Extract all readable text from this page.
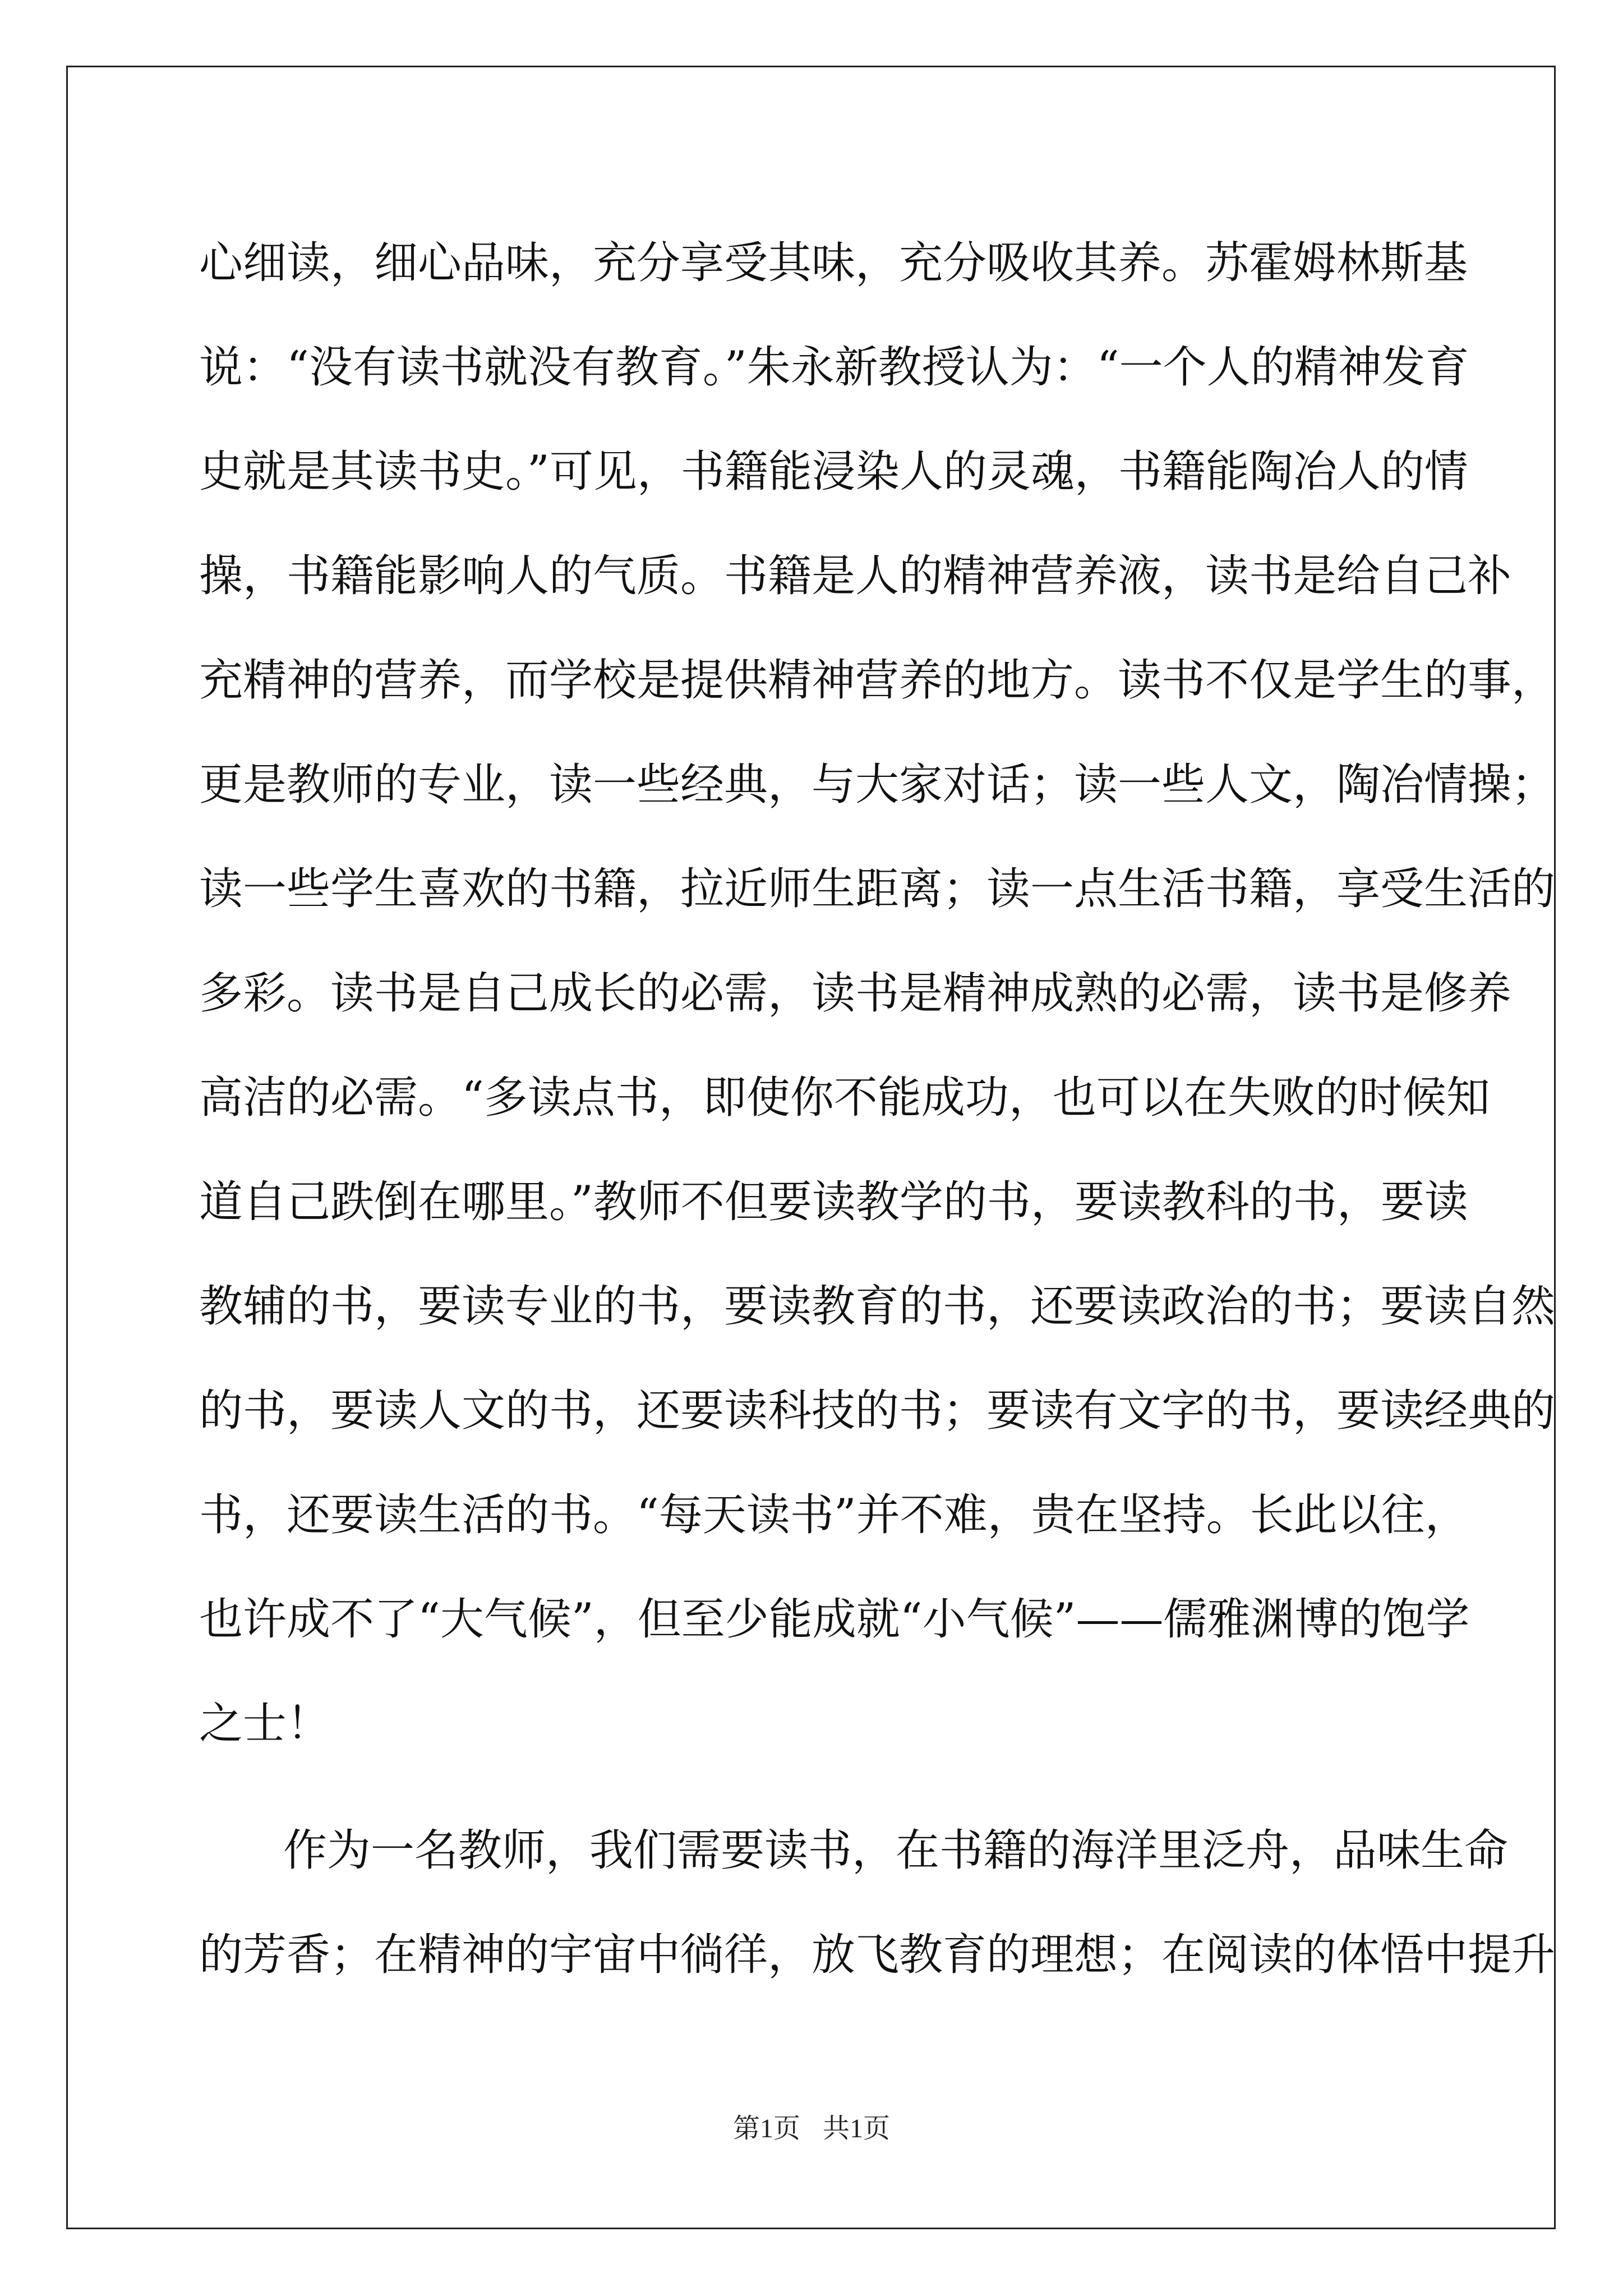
心细读，细心品味，充分享受其味，充分吸收其养。苏霍姆林斯基

说：“没有读书就没有教育。”朱永新教授认为：“一个人的精神发育

史就是其读书史。”可见，书籍能浸染人的灵魂，书籍能陶冶人的情

操，书籍能影响人的气质。书籍是人的精神营养液，读书是给自己补

充精神的营养，而学校是提供精神营养的地方。读书不仅是学生的事，

更是教师的专业，读一些经典，与大家对话；读一些人文，陶冶情操；

读一些学生喜欢的书籍，拉近师生距离；读一点生活书籍，享受生活的

多彩。读书是自己成长的必需，读书是精神成熟的必需，读书是修养

高洁的必需。“多读点书，即使你不能成功，也可以在失败的时候知

道自己跌倒在哪里。”教师不但要读教学的书，要读教科的书，要读

教辅的书，要读专业的书，要读教育的书，还要读政治的书；要读自然

的书，要读人文的书，还要读科技的书；要读有文字的书，要读经典的

书，还要读生活的书。“每天读书”并不难，贵在坚持。长此以往，

也许成不了“大气候”，但至少能成就“小气候”——儒雅渊博的饱学

之士！

作为一名教师，我们需要读书，在书籍的海洋里泛舟，品味生命

的芳香；在精神的宇宙中徜徉，放飞教育的理想；在阅读的体悟中提升

第1页 共1页
